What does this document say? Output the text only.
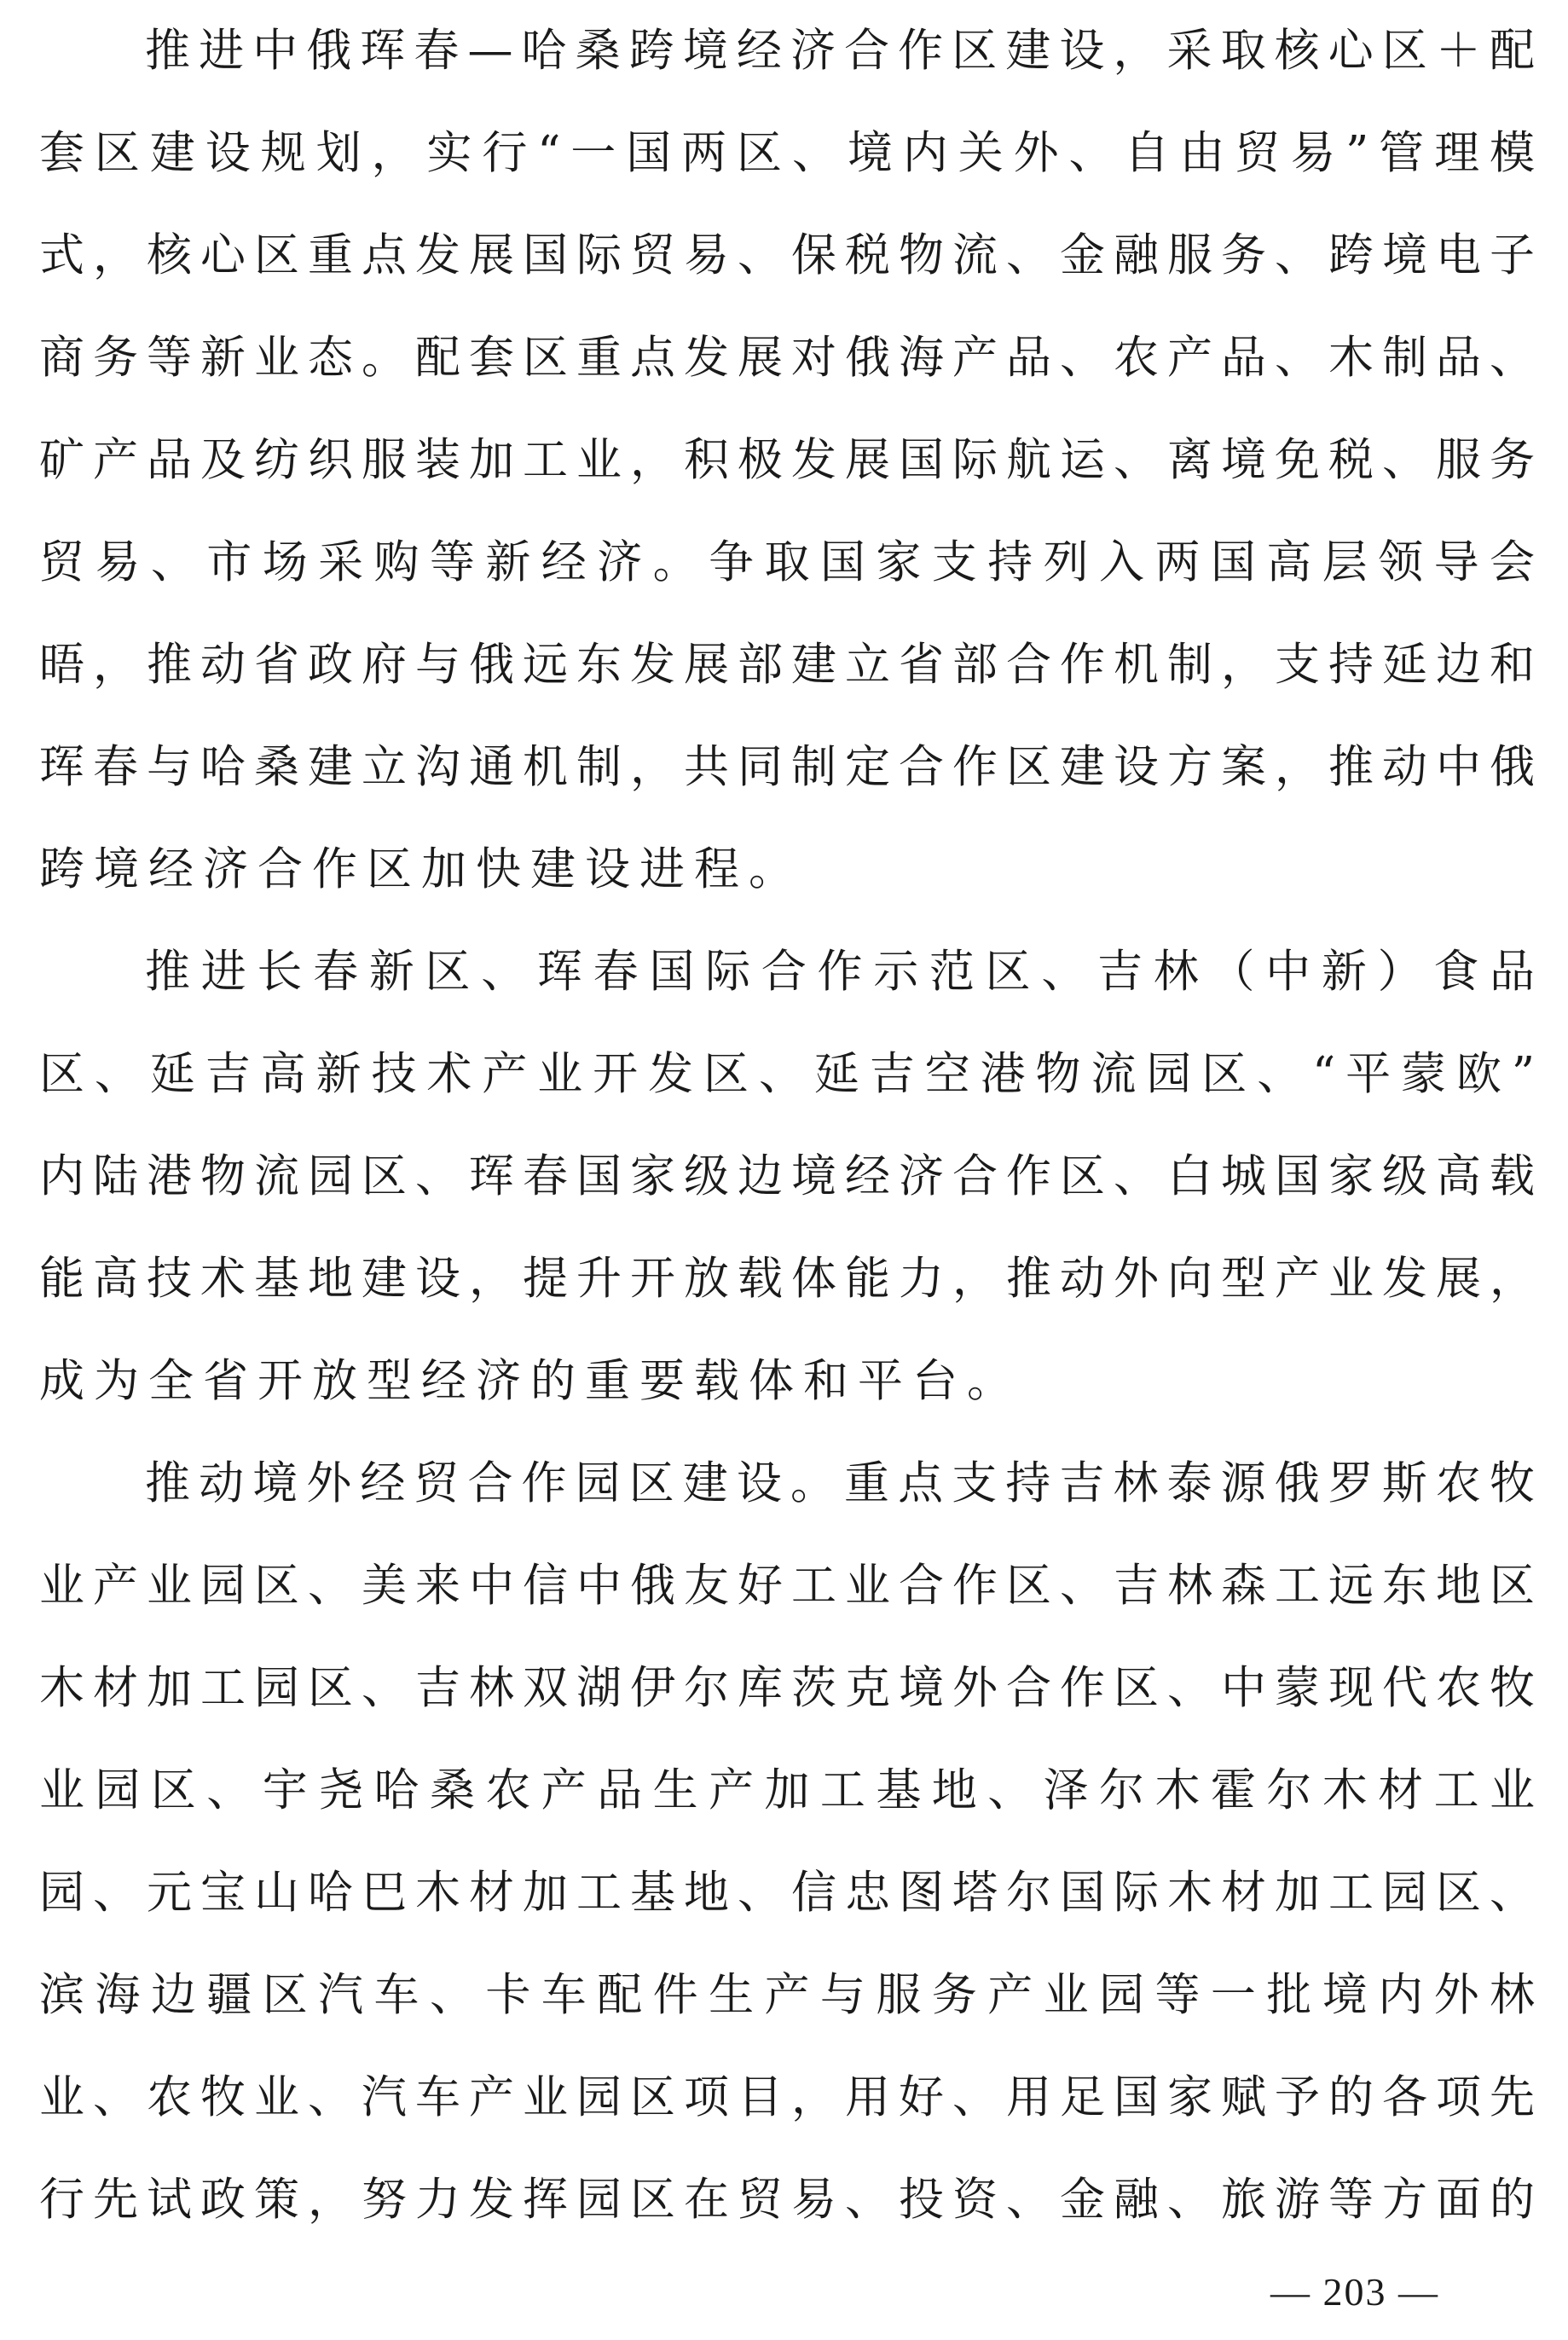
推进中俄珲春—哈桑跨境经济合作区建设，采取核心区＋配
套区建设规划，实行“一国两区、境内关外、自由贸易”管理模
式，核心区重点发展国际贸易、保税物流、金融服务、跨境电子
商务等新业态。配套区重点发展对俄海产品、农产品、木制品、
矿产品及纺织服装加工业，积极发展国际航运、离境免税、服务
贸易、市场采购等新经济。争取国家支持列入两国高层领导会
晤，推动省政府与俄远东发展部建立省部合作机制，支持延边和
珲春与哈桑建立沟通机制，共同制定合作区建设方案，推动中俄
跨境经济合作区加快建设进程。
推进长春新区、珲春国际合作示范区、吉林（中新）食品
区、延吉高新技术产业开发区、延吉空港物流园区、“平蒙欧”
内陆港物流园区、珲春国家级边境经济合作区、白城国家级高载
能高技术基地建设，提升开放载体能力，推动外向型产业发展，
成为全省开放型经济的重要载体和平台。
推动境外经贸合作园区建设。重点支持吉林泰源俄罗斯农牧
业产业园区、美来中信中俄友好工业合作区、吉林森工远东地区
木材加工园区、吉林双湖伊尔库茨克境外合作区、中蒙现代农牧
业园区、宇尧哈桑农产品生产加工基地、泽尔木霍尔木材工业
园、元宝山哈巴木材加工基地、信忠图塔尔国际木材加工园区、
滨海边疆区汽车、卡车配件生产与服务产业园等一批境内外林
业、农牧业、汽车产业园区项目，用好、用足国家赋予的各项先
行先试政策，努力发挥园区在贸易、投资、金融、旅游等方面的
— 203 —
